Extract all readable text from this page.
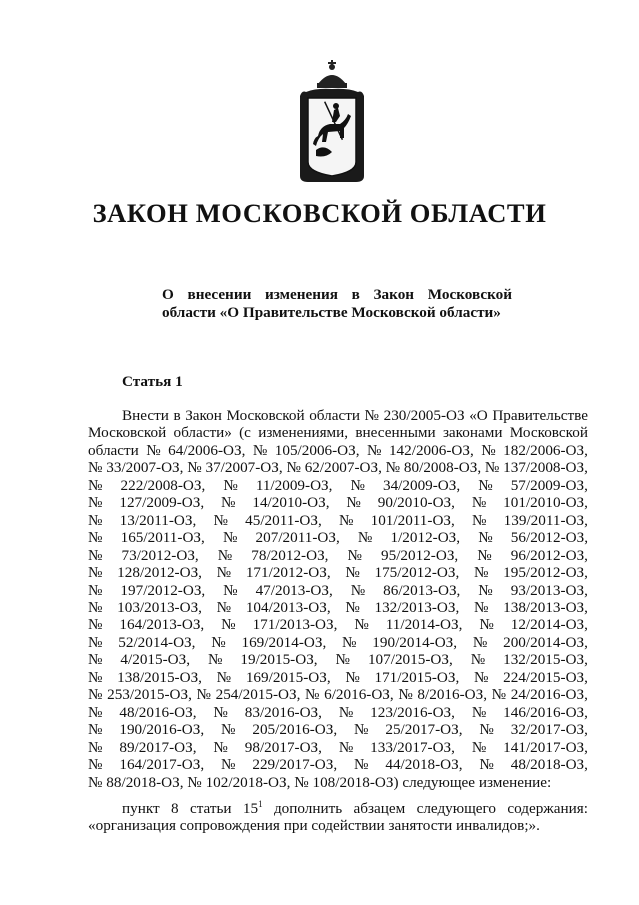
ЗАКОН МОСКОВСКОЙ ОБЛАСТИ
О внесении изменения в Закон Московской
области «О Правительстве Московской области»
Статья 1
Внести в Закон Московской области № 230/2005-ОЗ «О Правительстве
Московской области» (с изменениями, внесенными законами Московской
области № 64/2006-ОЗ, № 105/2006-ОЗ, № 142/2006-ОЗ, № 182/2006-ОЗ,
№ 33/2007-ОЗ, № 37/2007-ОЗ, № 62/2007-ОЗ, № 80/2008-ОЗ, № 137/2008-ОЗ,
№ 222/2008-ОЗ, № 11/2009-ОЗ, № 34/2009-ОЗ, № 57/2009-ОЗ,
№ 127/2009-ОЗ, № 14/2010-ОЗ, № 90/2010-ОЗ, № 101/2010-ОЗ,
№ 13/2011-ОЗ, № 45/2011-ОЗ, № 101/2011-ОЗ, № 139/2011-ОЗ,
№ 165/2011-ОЗ, № 207/2011-ОЗ, № 1/2012-ОЗ, № 56/2012-ОЗ,
№ 73/2012-ОЗ, № 78/2012-ОЗ, № 95/2012-ОЗ, № 96/2012-ОЗ,
№ 128/2012-ОЗ, № 171/2012-ОЗ, № 175/2012-ОЗ, № 195/2012-ОЗ,
№ 197/2012-ОЗ, № 47/2013-ОЗ, № 86/2013-ОЗ, № 93/2013-ОЗ,
№ 103/2013-ОЗ, № 104/2013-ОЗ, № 132/2013-ОЗ, № 138/2013-ОЗ,
№ 164/2013-ОЗ, № 171/2013-ОЗ, № 11/2014-ОЗ, № 12/2014-ОЗ,
№ 52/2014-ОЗ, № 169/2014-ОЗ, № 190/2014-ОЗ, № 200/2014-ОЗ,
№ 4/2015-ОЗ, № 19/2015-ОЗ, № 107/2015-ОЗ, № 132/2015-ОЗ,
№ 138/2015-ОЗ, № 169/2015-ОЗ, № 171/2015-ОЗ, № 224/2015-ОЗ,
№ 253/2015-ОЗ, № 254/2015-ОЗ, № 6/2016-ОЗ, № 8/2016-ОЗ, № 24/2016-ОЗ,
№ 48/2016-ОЗ, № 83/2016-ОЗ, № 123/2016-ОЗ, № 146/2016-ОЗ,
№ 190/2016-ОЗ, № 205/2016-ОЗ, № 25/2017-ОЗ, № 32/2017-ОЗ,
№ 89/2017-ОЗ, № 98/2017-ОЗ, № 133/2017-ОЗ, № 141/2017-ОЗ,
№ 164/2017-ОЗ, № 229/2017-ОЗ, № 44/2018-ОЗ, № 48/2018-ОЗ,
№ 88/2018-ОЗ, № 102/2018-ОЗ, № 108/2018-ОЗ) следующее изменение:
пункт 8 статьи $15^1$ дополнить абзацем следующего содержания:
«организация сопровождения при содействии занятости инвалидов;».
